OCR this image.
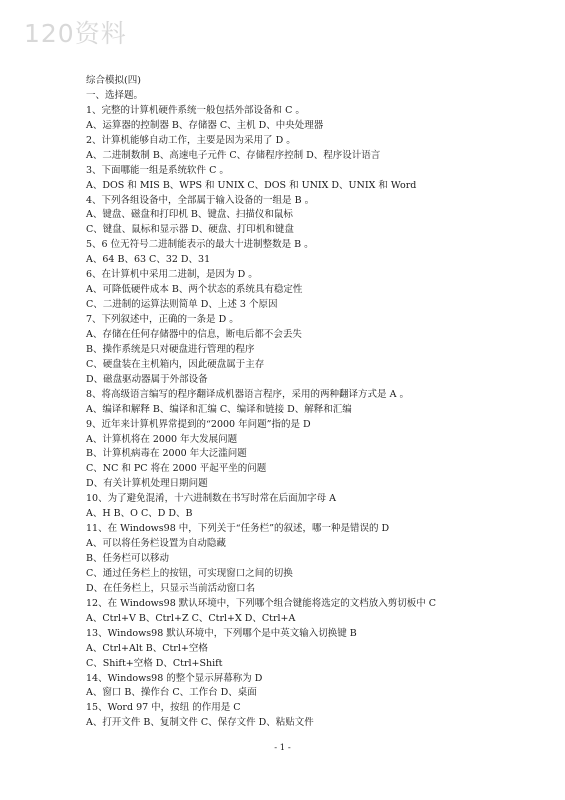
120资料
综合模拟(四)
一、选择题。
1、完整的计算机硬件系统一般包括外部设备和 C 。
A、运算器的控制器 B、存储器 C、主机 D、中央处理器
2、计算机能够自动工作，主要是因为采用了 D 。
A、二进制数制 B、高速电子元件 C、存储程序控制 D、程序设计语言
3、下面哪能一组是系统软件 C 。
A、DOS 和 MIS B、WPS 和 UNIX C、DOS 和 UNIX D、UNIX 和 Word
4、下列各组设备中，全部属于输入设备的一组是 B 。
A、键盘、磁盘和打印机 B、键盘、扫描仪和鼠标
C、键盘、鼠标和显示器 D、硬盘、打印机和键盘
5、6 位无符号二进制能表示的最大十进制整数是 B 。
A、64 B、63 C、32 D、31
6、在计算机中采用二进制，是因为 D 。
A、可降低硬件成本 B、两个状态的系统具有稳定性
C、二进制的运算法则简单 D、上述 3 个原因
7、下列叙述中，正确的一条是 D 。
A、存储在任何存储器中的信息，断电后都不会丢失
B、操作系统是只对硬盘进行管理的程序
C、硬盘装在主机箱内，因此硬盘属于主存
D、磁盘驱动器属于外部设备
8、将高级语言编写的程序翻译成机器语言程序，采用的两种翻译方式是 A 。
A、编译和解释 B、编译和汇编 C、编译和链接 D、解释和汇编
9、近年来计算机界常提到的“2000 年问题”指的是 D
A、计算机将在 2000 年大发展问题
B、计算机病毒在 2000 年大泛滥问题
C、NC 和 PC 将在 2000 平起平坐的问题
D、有关计算机处理日期问题
10、为了避免混淆，十六进制数在书写时常在后面加字母 A
A、H B、O C、D D、B
11、在 Windows98 中，下列关于“任务栏”的叙述，哪一种是错误的 D
A、可以将任务栏设置为自动隐藏
B、任务栏可以移动
C、通过任务栏上的按钮，可实现窗口之间的切换
D、在任务栏上，只显示当前活动窗口名
12、在 Windows98 默认环境中，下列哪个组合键能将选定的文档放入剪切板中 C
A、Ctrl+V B、Ctrl+Z C、Ctrl+X D、Ctrl+A
13、Windows98 默认环境中，下列哪个是中英文输入切换键 B
A、Ctrl+Alt B、Ctrl+空格
C、Shift+空格 D、Ctrl+Shift
14、Windows98 的整个显示屏幕称为 D
A、窗口 B、操作台 C、工作台 D、桌面
15、Word 97 中，按纽 的作用是 C
A、打开文件 B、复制文件 C、保存文件 D、粘贴文件
- 1 -
